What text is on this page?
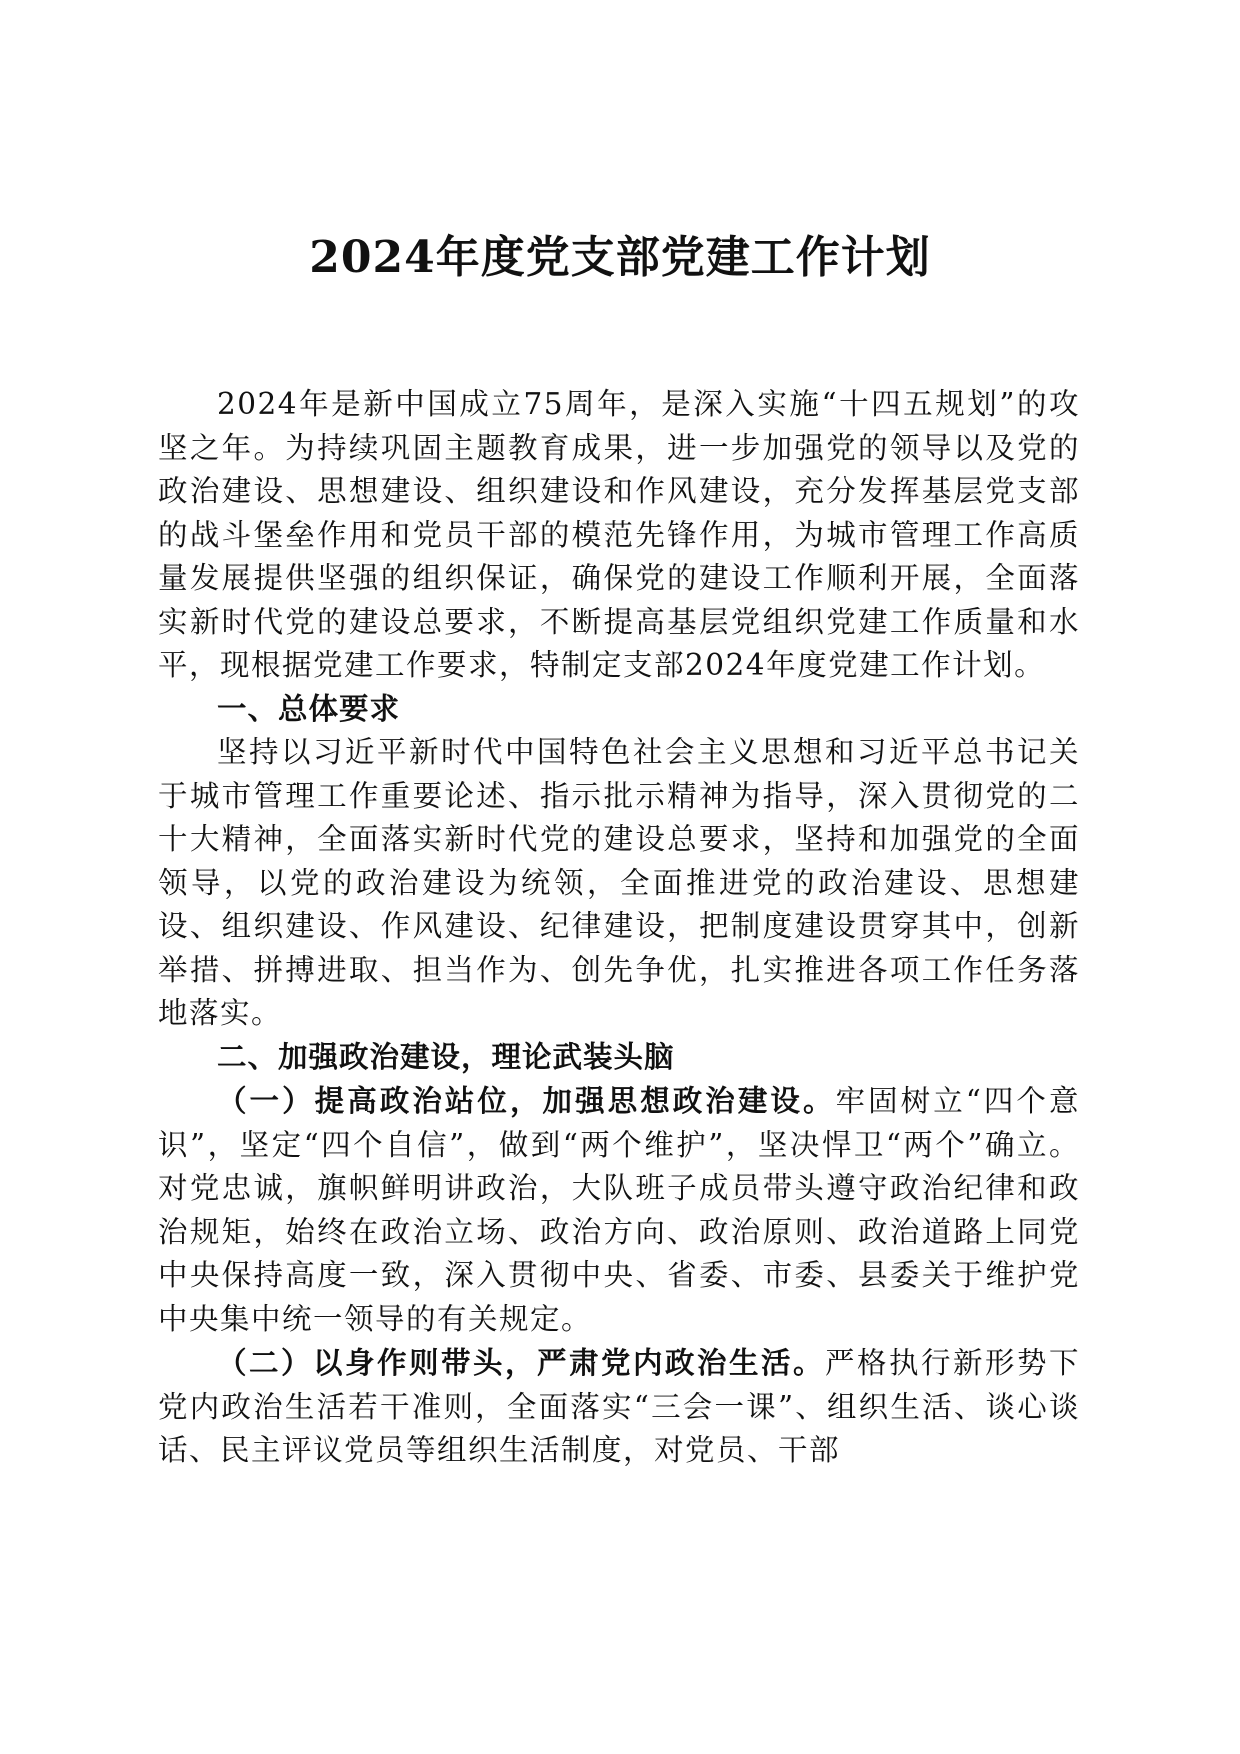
2024年度党支部党建工作计划

2024年是新中国成立75周年，是深入实施“十四五规划”的攻坚之年。为持续巩固主题教育成果，进一步加强党的领导以及党的政治建设、思想建设、组织建设和作风建设，充分发挥基层党支部的战斗堡垒作用和党员干部的模范先锋作用，为城市管理工作高质量发展提供坚强的组织保证，确保党的建设工作顺利开展，全面落实新时代党的建设总要求，不断提高基层党组织党建工作质量和水平，现根据党建工作要求，特制定支部2024年度党建工作计划。

一、总体要求

坚持以习近平新时代中国特色社会主义思想和习近平总书记关于城市管理工作重要论述、指示批示精神为指导，深入贯彻党的二十大精神，全面落实新时代党的建设总要求，坚持和加强党的全面领导，以党的政治建设为统领，全面推进党的政治建设、思想建设、组织建设、作风建设、纪律建设，把制度建设贯穿其中，创新举措、拼搏进取、担当作为、创先争优，扎实推进各项工作任务落地落实。

二、加强政治建设，理论武装头脑

（一）提高政治站位，加强思想政治建设。牢固树立“四个意识”，坚定“四个自信”，做到“两个维护”，坚决悍卫“两个”确立。对党忠诚，旗帜鲜明讲政治，大队班子成员带头遵守政治纪律和政治规矩，始终在政治立场、政治方向、政治原则、政治道路上同党中央保持高度一致，深入贯彻中央、省委、市委、县委关于维护党中央集中统一领导的有关规定。

（二）以身作则带头，严肃党内政治生活。严格执行新形势下党内政治生活若干准则，全面落实“三会一课”、组织生活、谈心谈话、民主评议党员等组织生活制度，对党员、干部
